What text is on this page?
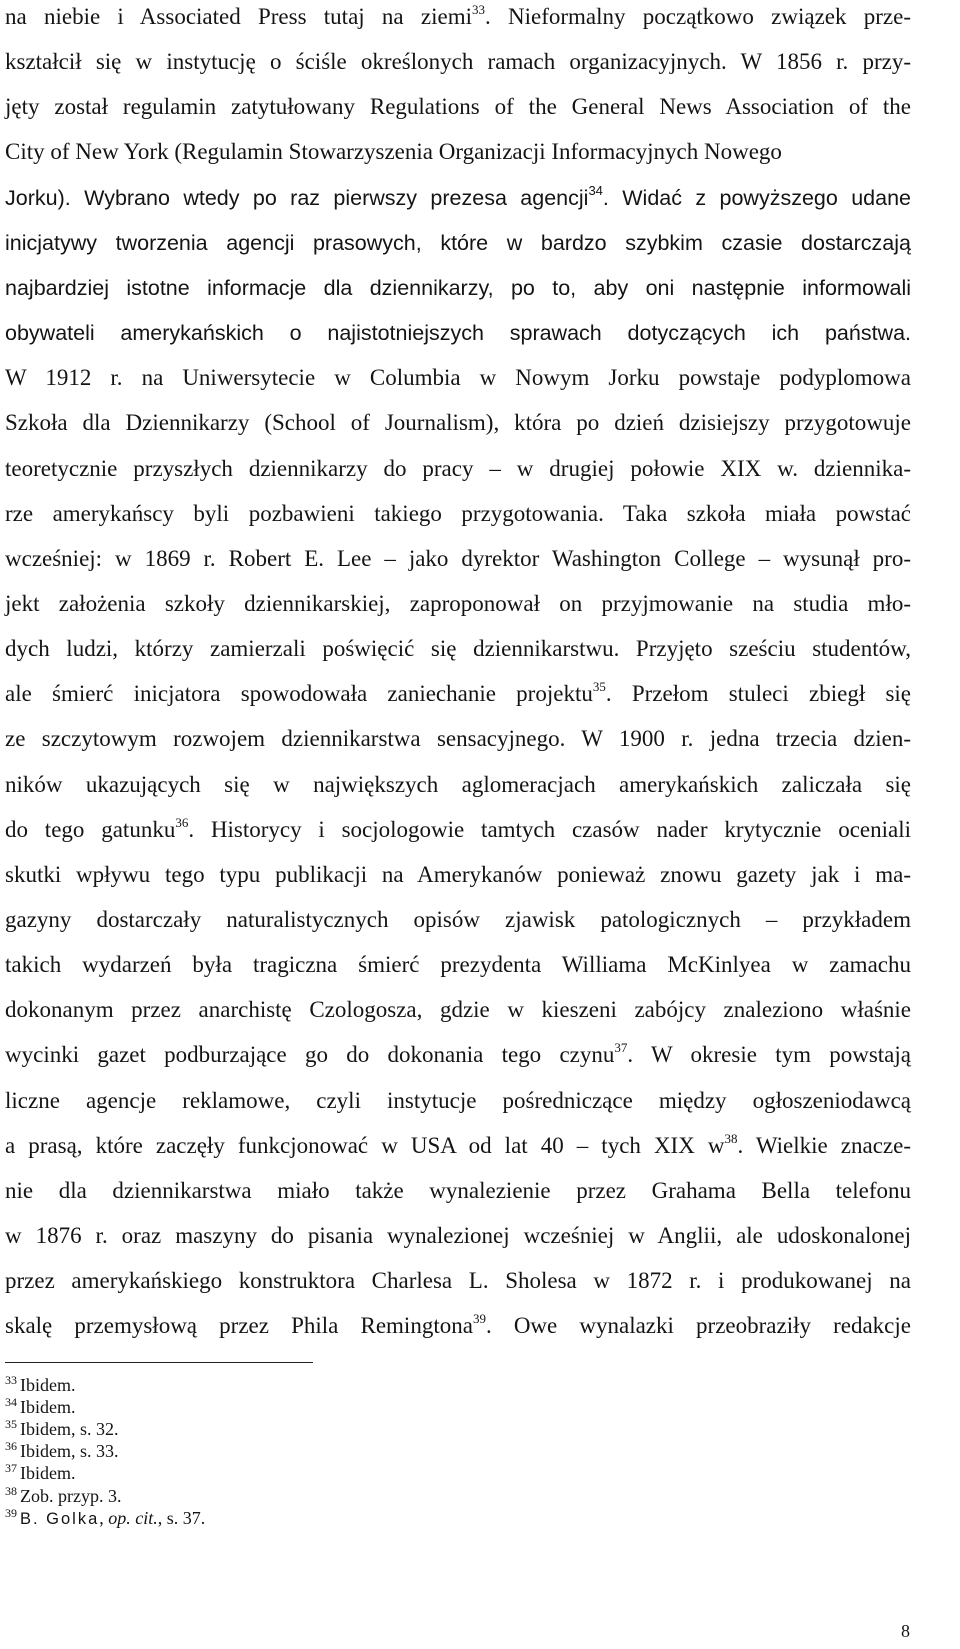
na niebie i Associated Press tutaj na ziemi$^{33}$. Nieformalny początkowo związek prze-
kształcił się w instytucję o ściśle określonych ramach organizacyjnych. W 1856 r. przy-
jęty został regulamin zatytułowany Regulations of the General News Association of the
City of New York (Regulamin Stowarzyszenia Organizacji Informacyjnych Nowego
Jorku). Wybrano wtedy po raz pierwszy prezesa agencji$^{34}$. Widać z powyższego udane
inicjatywy tworzenia agencji prasowych, które w bardzo szybkim czasie dostarczają
najbardziej istotne informacje dla dziennikarzy, po to, aby oni następnie informowali
obywateli amerykańskich o najistotniejszych sprawach dotyczących ich państwa.
W 1912 r. na Uniwersytecie w Columbia w Nowym Jorku powstaje podyplomowa
Szkoła dla Dziennikarzy (School of Journalism), która po dzień dzisiejszy przygotowuje
teoretycznie przyszłych dziennikarzy do pracy – w drugiej połowie XIX w. dziennika-
rze amerykańscy byli pozbawieni takiego przygotowania. Taka szkoła miała powstać
wcześniej: w 1869 r. Robert E. Lee – jako dyrektor Washington College – wysunął pro-
jekt założenia szkoły dziennikarskiej, zaproponował on przyjmowanie na studia mło-
dych ludzi, którzy zamierzali poświęcić się dziennikarstwu. Przyjęto sześciu studentów,
ale śmierć inicjatora spowodowała zaniechanie projektu$^{35}$. Przełom stuleci zbiegł się
ze szczytowym rozwojem dziennikarstwa sensacyjnego. W 1900 r. jedna trzecia dzien-
ników ukazujących się w największych aglomeracjach amerykańskich zaliczała się
do tego gatunku$^{36}$. Historycy i socjologowie tamtych czasów nader krytycznie oceniali
skutki wpływu tego typu publikacji na Amerykanów ponieważ znowu gazety jak i ma-
gazyny dostarczały naturalistycznych opisów zjawisk patologicznych – przykładem
takich wydarzeń była tragiczna śmierć prezydenta Williama McKinlyea w zamachu
dokonanym przez anarchistę Czologosza, gdzie w kieszeni zabójcy znaleziono właśnie
wycinki gazet podburzające go do dokonania tego czynu$^{37}$. W okresie tym powstają
liczne agencje reklamowe, czyli instytucje pośredniczące między ogłoszeniodawcą
a prasą, które zaczęły funkcjonować w USA od lat 40 – tych XIX $w^{38}$. Wielkie znacze-
nie dla dziennikarstwa miało także wynalezienie przez Grahama Bella telefonu
w 1876 r. oraz maszyny do pisania wynalezionej wcześniej w Anglii, ale udoskonalonej
przez amerykańskiego konstruktora Charlesa L. Sholesa w 1872 r. i produkowanej na
skalę przemysłową przez Phila Remingtona$^{39}$. Owe wynalazki przeobraziły redakcje
$^{33}$ Ibidem.
$^{34}$ Ibidem.
$^{35}$ Ibidem, s. 32.
$^{36}$ Ibidem, s. 33.
$^{37}$ Ibidem.
$^{38}$ Zob. przyp. 3.
$^{39}$ B. Golka, op. cit., s. 37.
8
